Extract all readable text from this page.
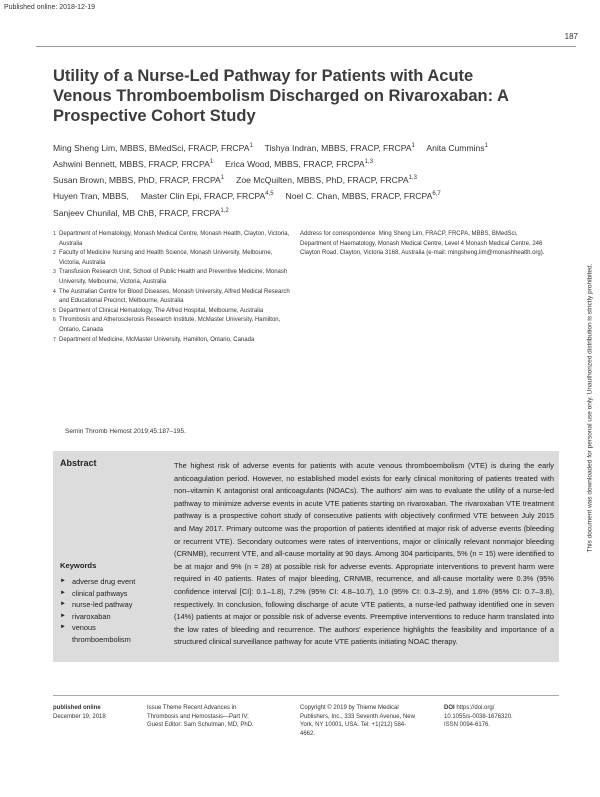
Published online: 2018-12-19
187
Utility of a Nurse-Led Pathway for Patients with Acute Venous Thromboembolism Discharged on Rivaroxaban: A Prospective Cohort Study
Ming Sheng Lim, MBBS, BMedSci, FRACP, FRCPA$^1$ Tishya Indran, MBBS, FRACP, FRCPA$^1$ Anita Cummins$^1$
Ashwini Bennett, MBBS, FRACP, FRCPA$^1$ Erica Wood, MBBS, FRACP, FRCPA$^{1,3}$
Susan Brown, MBBS, PhD, FRACP, FRCPA$^1$ Zoe McQuilten, MBBS, PhD, FRACP, FRCPA$^{1,3}$
Huyen Tran, MBBS, Master Clin Epi, FRACP, FRCPA$^{4,5}$ Noel C. Chan, MBBS, FRACP, FRCPA$^{6,7}$
Sanjeev Chunilal, MB ChB, FRACP, FRCPA$^{1,2}$
1 Department of Hematology, Monash Medical Centre, Monash Health, Clayton, Victoria, Australia
2 Faculty of Medicine Nursing and Health Science, Monash University, Melbourne, Victoria, Australia
3 Transfusion Research Unit, School of Public Health and Preventive Medicine, Monash University, Melbourne, Victoria, Australia
4 The Australian Centre for Blood Diseases, Monash University, Alfred Medical Research and Educational Precinct, Melbourne, Australia
5 Department of Clinical Hematology, The Alfred Hospital, Melbourne, Australia
6 Thrombosis and Atherosclerosis Research Institute, McMaster University, Hamilton, Ontario, Canada
7 Department of Medicine, McMaster University, Hamilton, Ontario, Canada
Address for correspondence Ming Sheng Lim, FRACP, FRCPA, MBBS, BMedSci, Department of Haematology, Monash Medical Centre, Level 4 Monash Medical Centre, 246 Clayton Road, Clayton, Victoria 3168, Australia (e-mail: mingsheng.lim@monashhealth.org).
Semin Thromb Hemost 2019;45:187–195.
Abstract	The highest risk of adverse events for patients with acute venous thromboembolism (VTE) is during the early anticoagulation period. However, no established model exists for early clinical monitoring of patients treated with non–vitamin K antagonist oral anticoagulants (NOACs). The authors' aim was to evaluate the utility of a nurse-led pathway to minimize adverse events in acute VTE patients starting on rivaroxaban. The rivaroxaban VTE treatment pathway is a prospective cohort study of consecutive patients with objectively confirmed VTE between July 2015 and May 2017. Primary outcome was the proportion of patients identified at major risk of adverse events (bleeding or recurrent VTE). Secondary outcomes were rates of interventions, major or clinically relevant nonmajor bleeding (CRNMB), recurrent VTE, and all-cause mortality at 90 days. Among 304 participants, 5% (n = 15) were identified to be at major and 9% (n = 28) at possible risk for adverse events. Appropriate interventions to prevent harm were required in 40 patients. Rates of major bleeding, CRNMB, recurrence, and all-cause mortality were 0.3% (95% confidence interval [CI]: 0.1–1.8), 7.2% (95% CI: 4.8–10.7), 1.0 (95% CI: 0.3–2.9), and 1.6% (95% CI: 0.7–3.8), respectively. In conclusion, following discharge of acute VTE patients, a nurse-led pathway identified one in seven (14%) patients at major or possible risk of adverse events. Preemptive interventions to reduce harm translated into the low rates of bleeding and recurrence. The authors' experience highlights the feasibility and importance of a structured clinical surveillance pathway for acute VTE patients initiating NOAC therapy.
Keywords
► adverse drug event
► clinical pathways
► nurse-led pathway
► rivaroxaban
► venous thromboembolism
published online
December 19, 2018
Issue Theme Recent Advances in Thrombosis and Hemostasis—Part IV; Guest Editor: Sam Schulman, MD, PhD.
Copyright © 2019 by Thieme Medical Publishers, Inc., 333 Seventh Avenue, New York, NY 10001, USA. Tel: +1(212) 584-4662.
DOI https://doi.org/
10.1055/s-0038-1676320.
ISSN 0094-6176.
This document was downloaded for personal use only. Unauthorized distribution is strictly prohibited.
